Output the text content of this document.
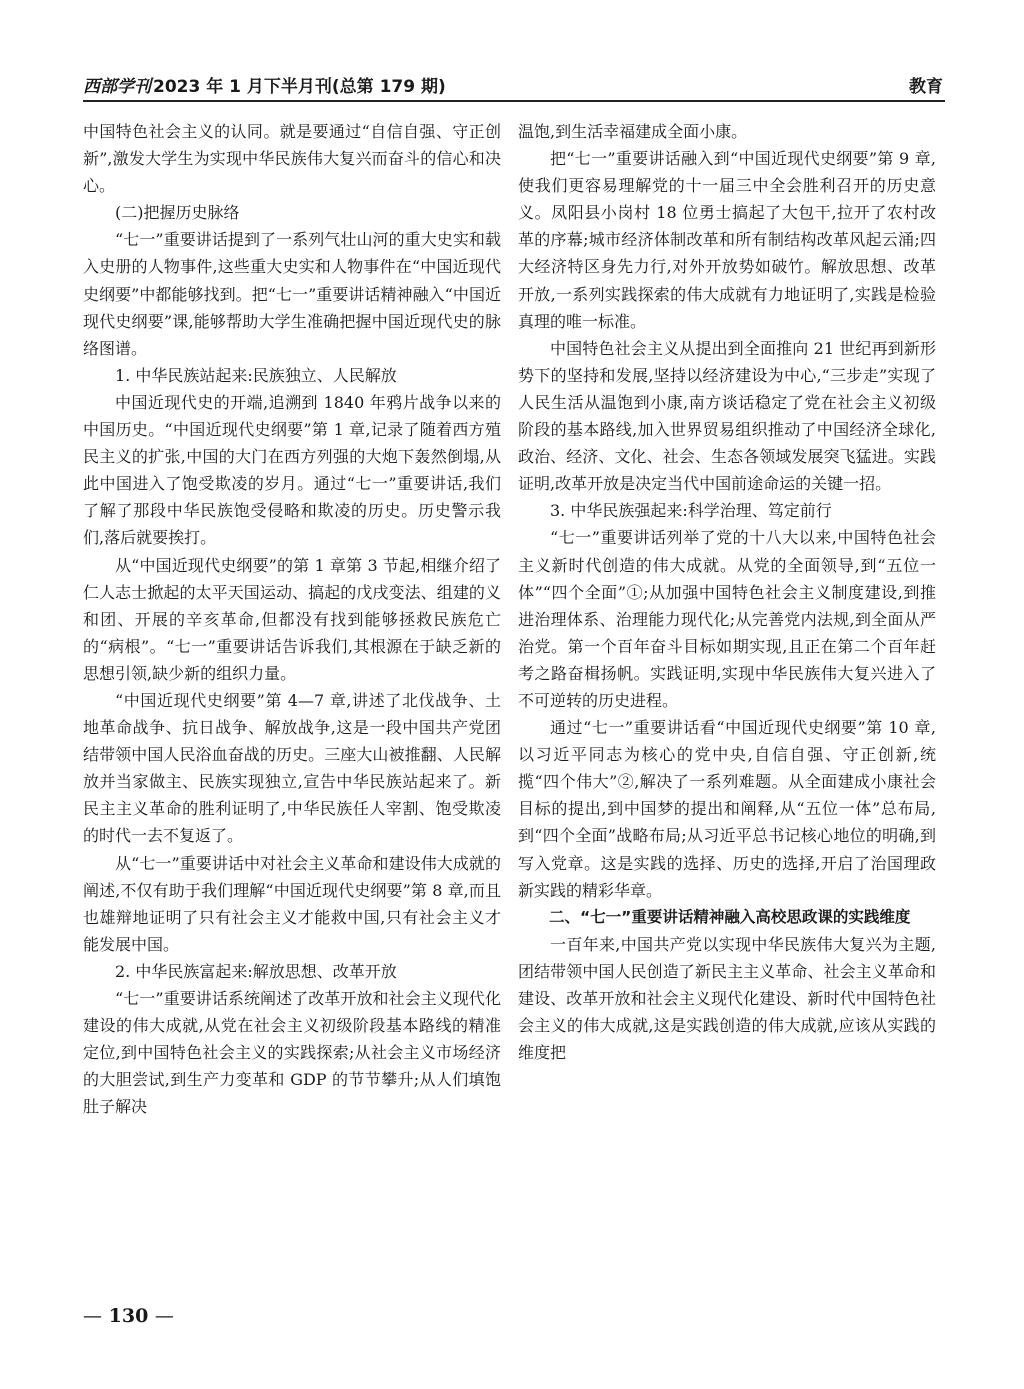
西部学刊 2023 年 1 月下半月刊(总第 179 期)	教育

中国特色社会主义的认同。就是要通过“自信自强、守正创新”,激发大学生为实现中华民族伟大复兴而奋斗的信心和决心。

(二)把握历史脉络

“七一”重要讲话提到了一系列气壮山河的重大史实和载入史册的人物事件,这些重大史实和人物事件在“中国近现代史纲要”中都能够找到。把“七一”重要讲话精神融入“中国近现代史纲要”课,能够帮助大学生准确把握中国近现代史的脉络图谱。

1. 中华民族站起来:民族独立、人民解放

中国近现代史的开端,追溯到 1840 年鸦片战争以来的中国历史。“中国近现代史纲要”第 1 章,记录了随着西方殖民主义的扩张,中国的大门在西方列强的大炮下轰然倒塌,从此中国进入了饱受欺凌的岁月。通过“七一”重要讲话,我们了解了那段中华民族饱受侵略和欺凌的历史。历史警示我们,落后就要挨打。

从“中国近现代史纲要”的第 1 章第 3 节起,相继介绍了仁人志士掀起的太平天国运动、搞起的戊戌变法、组建的义和团、开展的辛亥革命,但都没有找到能够拯救民族危亡的“病根”。“七一”重要讲话告诉我们,其根源在于缺乏新的思想引领,缺少新的组织力量。

“中国近现代史纲要”第 4—7 章,讲述了北伐战争、土地革命战争、抗日战争、解放战争,这是一段中国共产党团结带领中国人民浴血奋战的历史。三座大山被推翻、人民解放并当家做主、民族实现独立,宣告中华民族站起来了。新民主主义革命的胜利证明了,中华民族任人宰割、饱受欺凌的时代一去不复返了。

从“七一”重要讲话中对社会主义革命和建设伟大成就的阐述,不仅有助于我们理解“中国近现代史纲要”第 8 章,而且也雄辩地证明了只有社会主义才能救中国,只有社会主义才能发展中国。

2. 中华民族富起来:解放思想、改革开放

“七一”重要讲话系统阐述了改革开放和社会主义现代化建设的伟大成就,从党在社会主义初级阶段基本路线的精准定位,到中国特色社会主义的实践探索;从社会主义市场经济的大胆尝试,到生产力变革和 GDP 的节节攀升;从人们填饱肚子解决

温饱,到生活幸福建成全面小康。

把“七一”重要讲话融入到“中国近现代史纲要”第 9 章,使我们更容易理解党的十一届三中全会胜利召开的历史意义。凤阳县小岗村 18 位勇士搞起了大包干,拉开了农村改革的序幕;城市经济体制改革和所有制结构改革风起云涌;四大经济特区身先力行,对外开放势如破竹。解放思想、改革开放,一系列实践探索的伟大成就有力地证明了,实践是检验真理的唯一标准。

中国特色社会主义从提出到全面推向 21 世纪再到新形势下的坚持和发展,坚持以经济建设为中心,“三步走”实现了人民生活从温饱到小康,南方谈话稳定了党在社会主义初级阶段的基本路线,加入世界贸易组织推动了中国经济全球化,政治、经济、文化、社会、生态各领域发展突飞猛进。实践证明,改革开放是决定当代中国前途命运的关键一招。

3. 中华民族强起来:科学治理、笃定前行

“七一”重要讲话列举了党的十八大以来,中国特色社会主义新时代创造的伟大成就。从党的全面领导,到“五位一体”“四个全面”①;从加强中国特色社会主义制度建设,到推进治理体系、治理能力现代化;从完善党内法规,到全面从严治党。第一个百年奋斗目标如期实现,且正在第二个百年赶考之路奋楫扬帆。实践证明,实现中华民族伟大复兴进入了不可逆转的历史进程。

通过“七一”重要讲话看“中国近现代史纲要”第 10 章,以习近平同志为核心的党中央,自信自强、守正创新,统揽“四个伟大”②,解决了一系列难题。从全面建成小康社会目标的提出,到中国梦的提出和阐释,从“五位一体”总布局,到“四个全面”战略布局;从习近平总书记核心地位的明确,到写入党章。这是实践的选择、历史的选择,开启了治国理政新实践的精彩华章。

二、“七一”重要讲话精神融入高校思政课的实践维度

一百年来,中国共产党以实现中华民族伟大复兴为主题,团结带领中国人民创造了新民主主义革命、社会主义革命和建设、改革开放和社会主义现代化建设、新时代中国特色社会主义的伟大成就,这是实践创造的伟大成就,应该从实践的维度把

— 130 —
